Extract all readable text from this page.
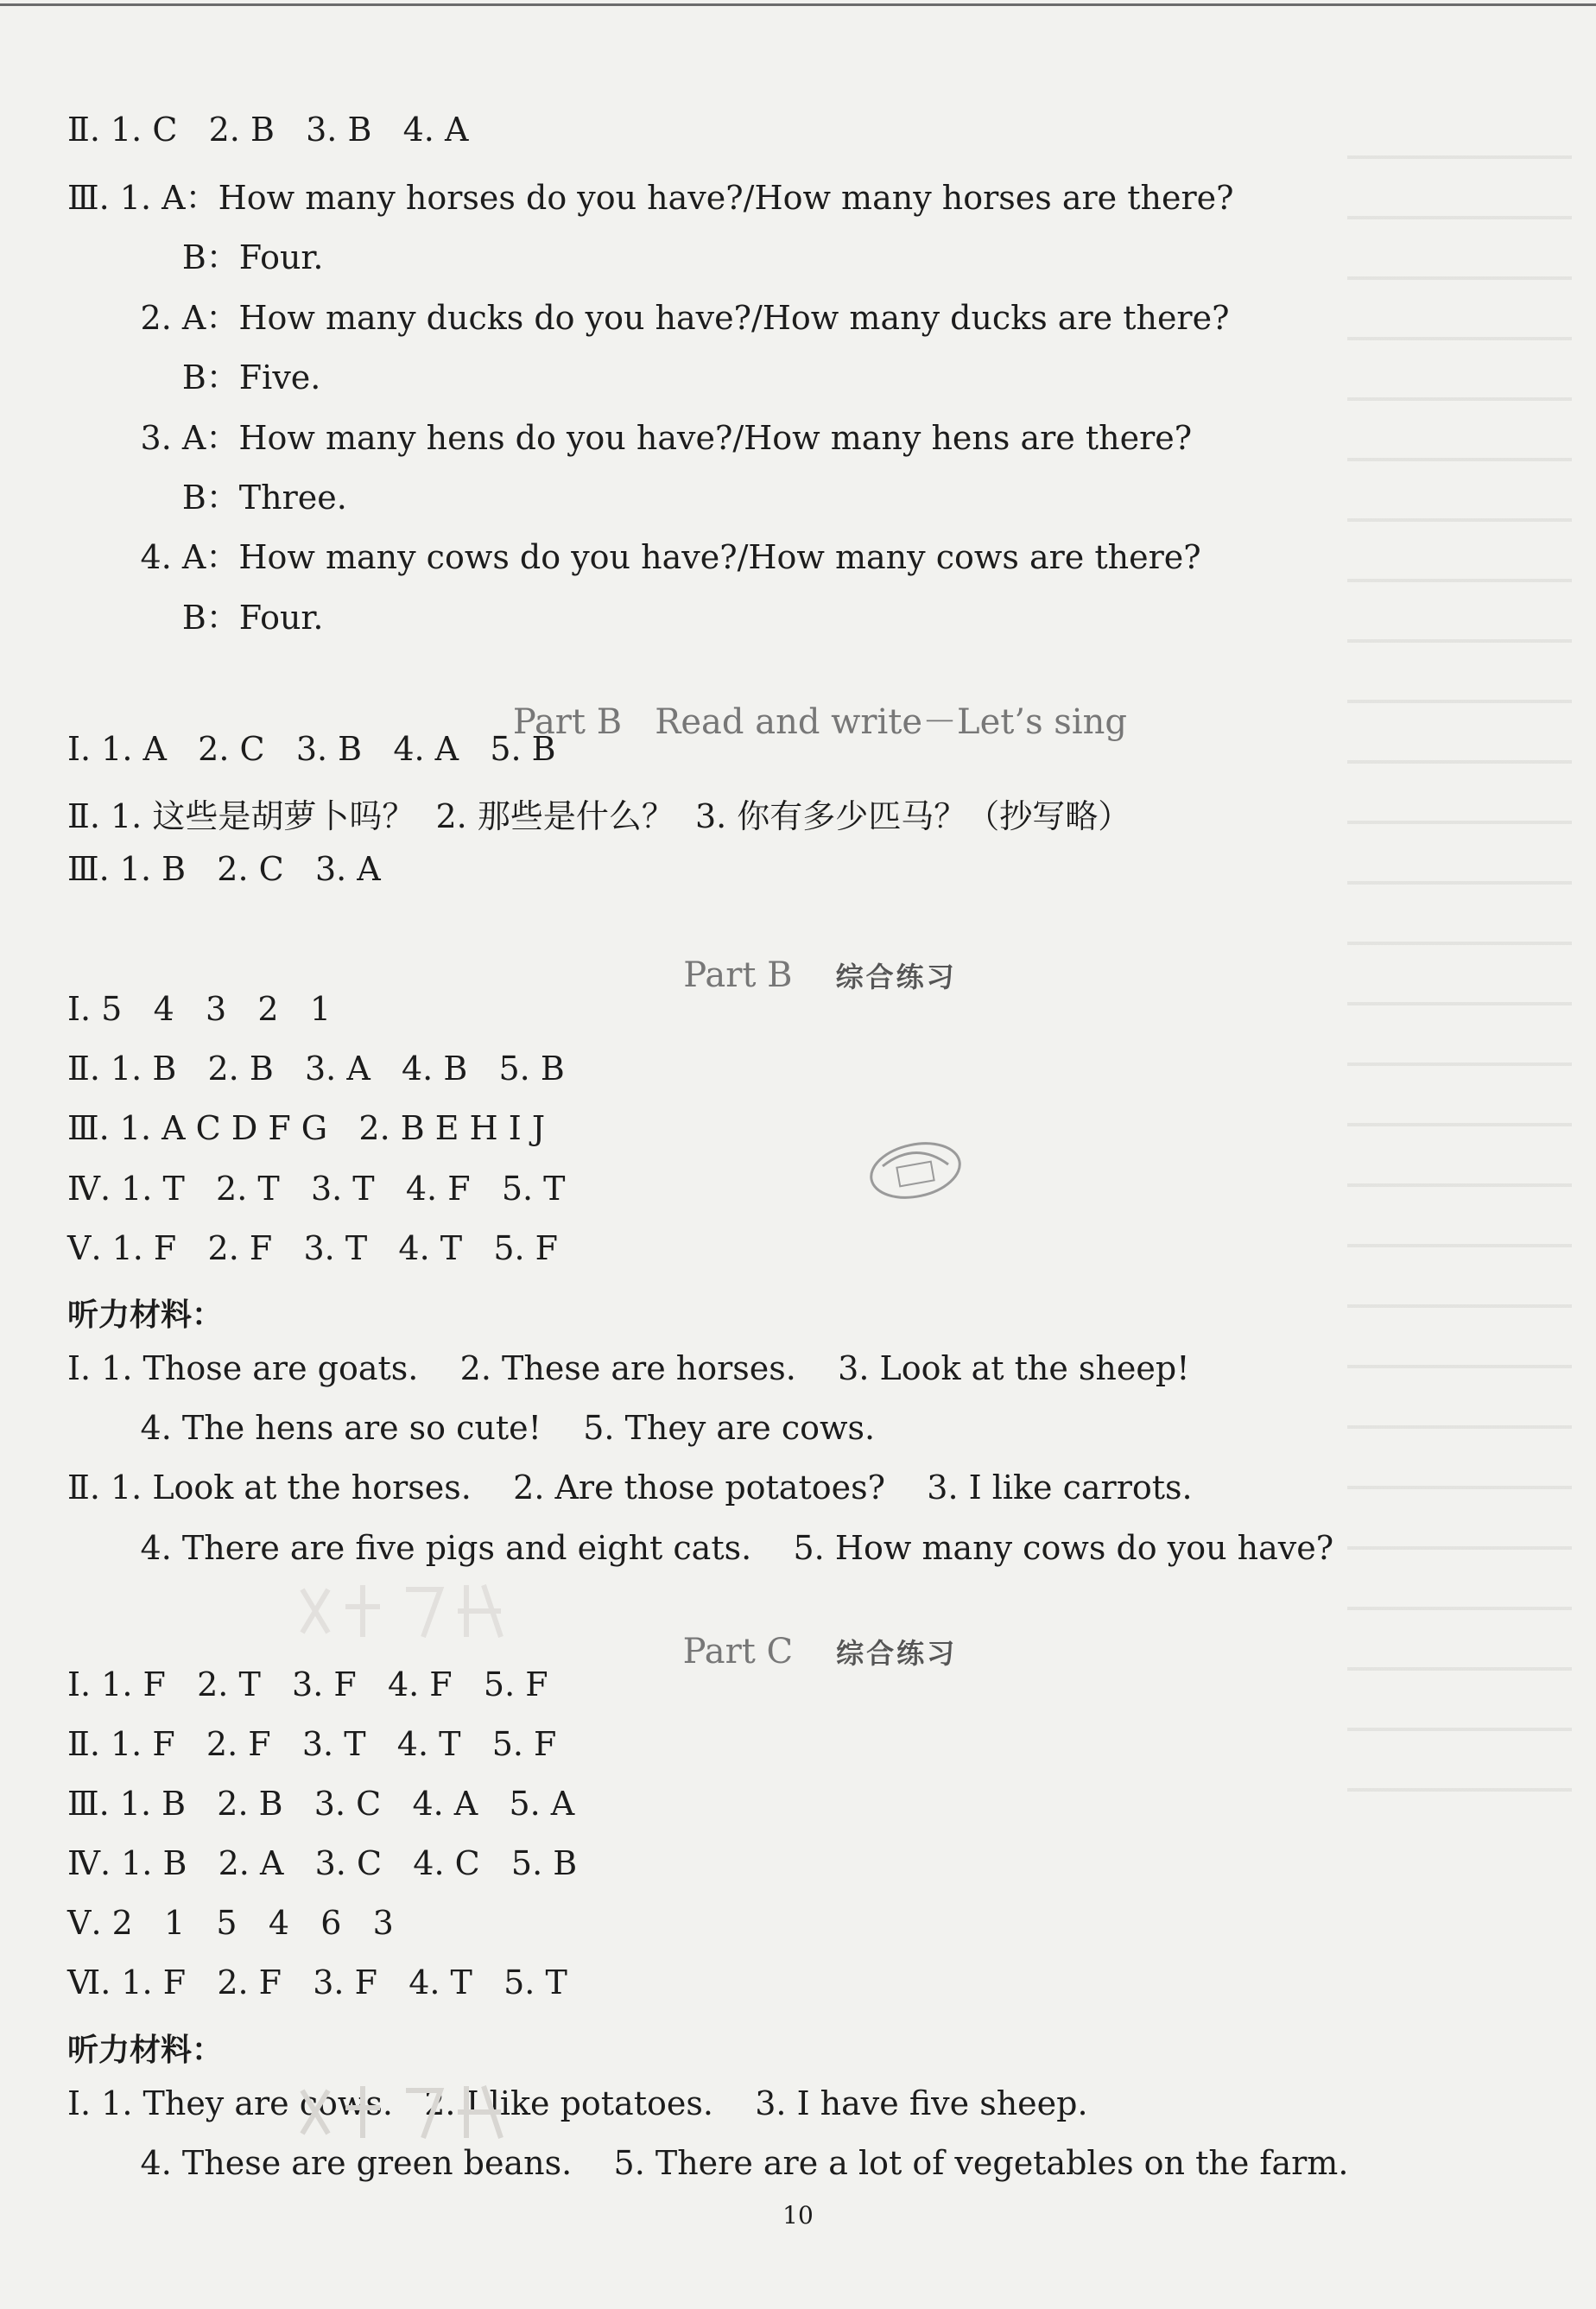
Ⅱ. 1. C   2. B   3. B   4. A
Ⅲ. 1. A：How many horses do you have?/How many horses are there?
B：Four.
2. A：How many ducks do you have?/How many ducks are there?
B：Five.
3. A：How many hens do you have?/How many hens are there?
B：Three.
4. A：How many cows do you have?/How many cows are there?
B：Four.

Part B   Read and write－Let’s sing

Ⅰ. 1. A   2. C   3. B   4. A   5. B
Ⅱ. 1. 这些是胡萝卜吗？  2. 那些是什么？  3. 你有多少匹马？（抄写略）
Ⅲ. 1. B   2. C   3. A

Part B 综合练习

Ⅰ. 5   4   3   2   1
Ⅱ. 1. B   2. B   3. A   4. B   5. B
Ⅲ. 1. A C D F G   2. B E H I J
Ⅳ. 1. T   2. T   3. T   4. F   5. T
Ⅴ. 1. F   2. F   3. T   4. T   5. F
听力材料：
Ⅰ. 1. Those are goats.    2. These are horses.    3. Look at the sheep!
4. The hens are so cute!    5. They are cows.
Ⅱ. 1. Look at the horses.    2. Are those potatoes?    3. I like carrots.
4. There are five pigs and eight cats.    5. How many cows do you have?

Part C 综合练习

Ⅰ. 1. F   2. T   3. F   4. F   5. F
Ⅱ. 1. F   2. F   3. T   4. T   5. F
Ⅲ. 1. B   2. B   3. C   4. A   5. A
Ⅳ. 1. B   2. A   3. C   4. C   5. B
Ⅴ. 2   1   5   4   6   3
Ⅵ. 1. F   2. F   3. F   4. T   5. T
听力材料：
Ⅰ. 1. They are cows.   2. I like potatoes.    3. I have five sheep.
4. These are green beans.    5. There are a lot of vegetables on the farm.
10
